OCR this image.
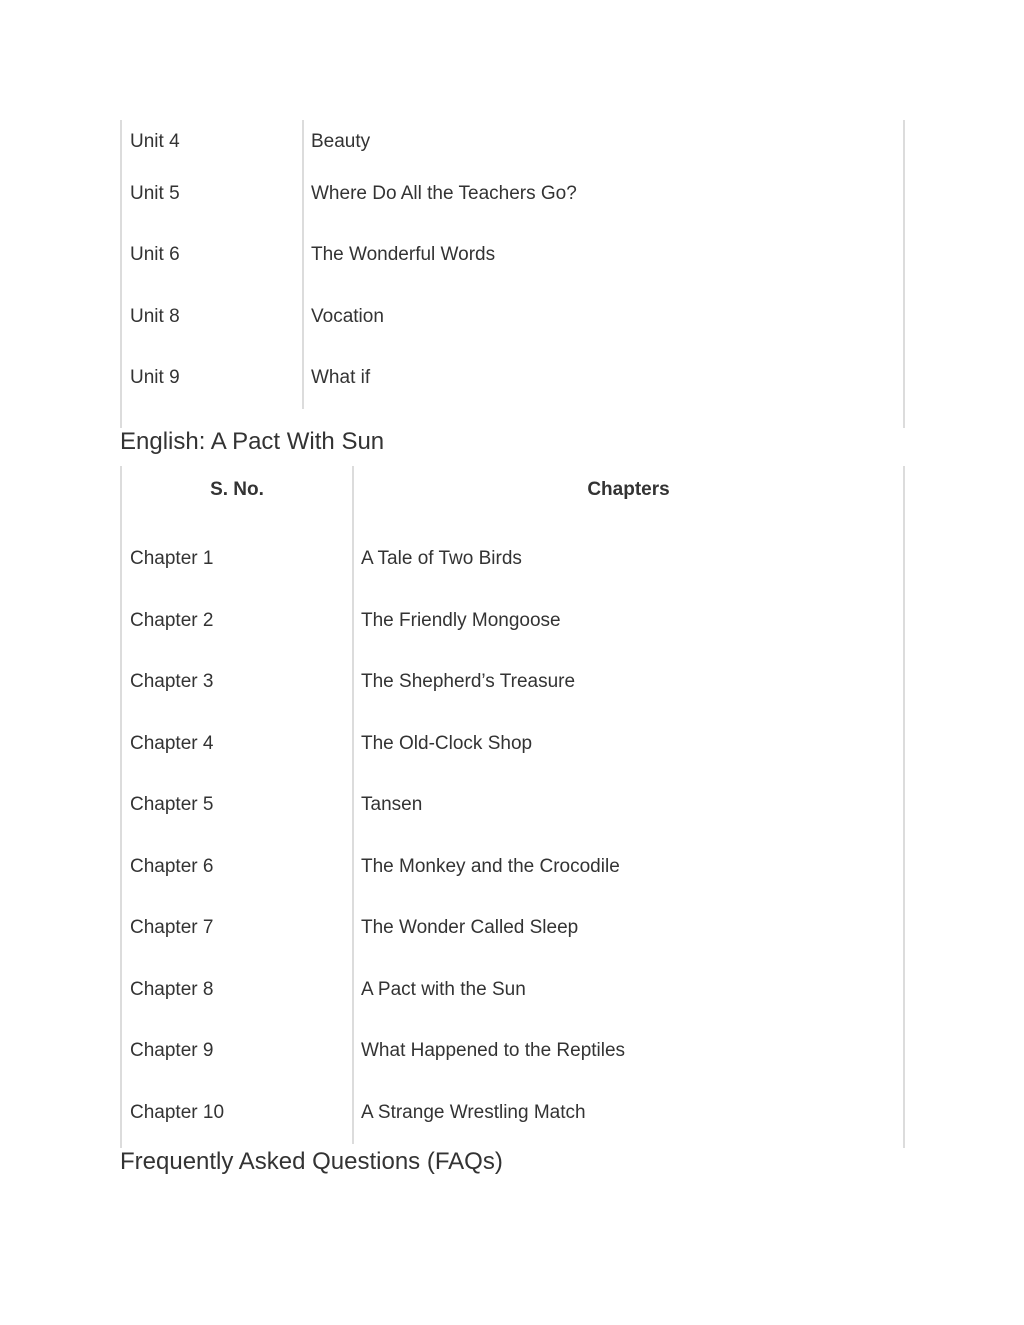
Unit 4	Beauty
Unit 5	Where Do All the Teachers Go?
Unit 6	The Wonderful Words
Unit 8	Vocation
Unit 9	What if
English: A Pact With Sun
S. No.	Chapters
Chapter 1	A Tale of Two Birds
Chapter 2	The Friendly Mongoose
Chapter 3	The Shepherd’s Treasure
Chapter 4	The Old-Clock Shop
Chapter 5	Tansen
Chapter 6	The Monkey and the Crocodile
Chapter 7	The Wonder Called Sleep
Chapter 8	A Pact with the Sun
Chapter 9	What Happened to the Reptiles
Chapter 10	A Strange Wrestling Match
Frequently Asked Questions (FAQs)
